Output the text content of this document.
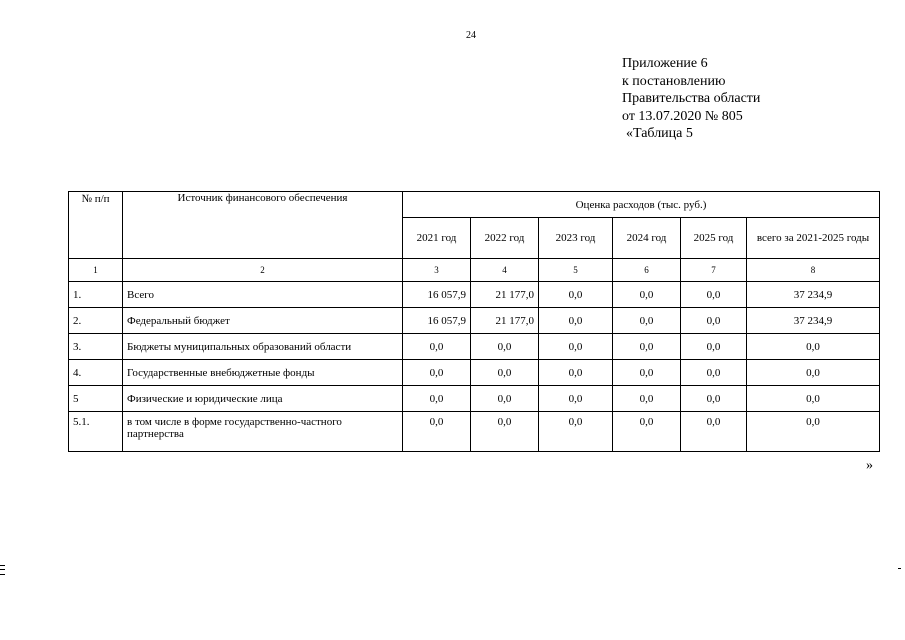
24
Приложение 6
к постановлению
Правительства области
от 13.07.2020 № 805
«Таблица 5
№ п/п	Источник финансового обеспечения	Оценка расходов (тыс. руб.)					
		2021 год	2022 год	2023 год	2024 год	2025 год	всего за 2021-2025 годы
1	2	3	4	5	6	7	8
1.	Всего	16 057,9	21 177,0	0,0	0,0	0,0	37 234,9
2.	Федеральный бюджет	16 057,9	21 177,0	0,0	0,0	0,0	37 234,9
3.	Бюджеты муниципальных образований области	0,0	0,0	0,0	0,0	0,0	0,0
4.	Государственные внебюджетные фонды	0,0	0,0	0,0	0,0	0,0	0,0
5	Физические и юридические лица	0,0	0,0	0,0	0,0	0,0	0,0
5.1.	в том числе в форме государственно-частного партнерства	0,0	0,0	0,0	0,0	0,0	0,0
»
